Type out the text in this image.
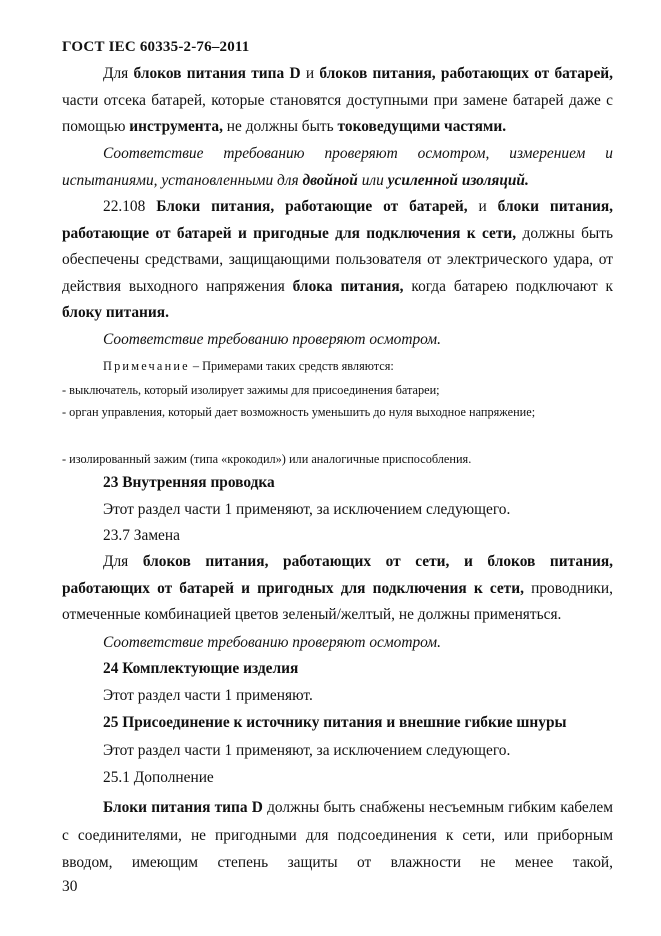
ГОСТ IEC 60335-2-76–2011

Для блоков питания типа D и блоков питания, работающих от батарей, части отсека батарей, которые становятся доступными при замене батарей даже с помощью инструмента, не должны быть токоведущими частями.

Соответствие требованию проверяют осмотром, измерением и испытаниями, установленными для двойной или усиленной изоляций.

22.108 Блоки питания, работающие от батарей, и блоки питания, работающие от батарей и пригодные для подключения к сети, должны быть обеспечены средствами, защищающими пользователя от электрического удара, от действия выходного напряжения блока питания, когда батарею подключают к блоку питания.

Соответствие требованию проверяют осмотром.

Примечание – Примерами таких средств являются:

- выключатель, который изолирует зажимы для присоединения батареи;

- орган управления, который дает возможность уменьшить до нуля выходное напряжение;

- изолированный зажим (типа «крокодил») или аналогичные приспособления.

23 Внутренняя проводка

Этот раздел части 1 применяют, за исключением следующего.

23.7 Замена

Для блоков питания, работающих от сети, и блоков питания, работающих от батарей и пригодных для подключения к сети, проводники, отмеченные комбинацией цветов зеленый/желтый, не должны применяться.

Соответствие требованию проверяют осмотром.

24 Комплектующие изделия

Этот раздел части 1 применяют.

25 Присоединение к источнику питания и внешние гибкие шнуры

Этот раздел части 1 применяют, за исключением следующего.

25.1 Дополнение

Блоки питания типа D должны быть снабжены несъемным гибким кабелем с соединителями, не пригодными для подсоединения к сети, или приборным вводом, имеющим степень защиты от влажности не менее такой,

30
